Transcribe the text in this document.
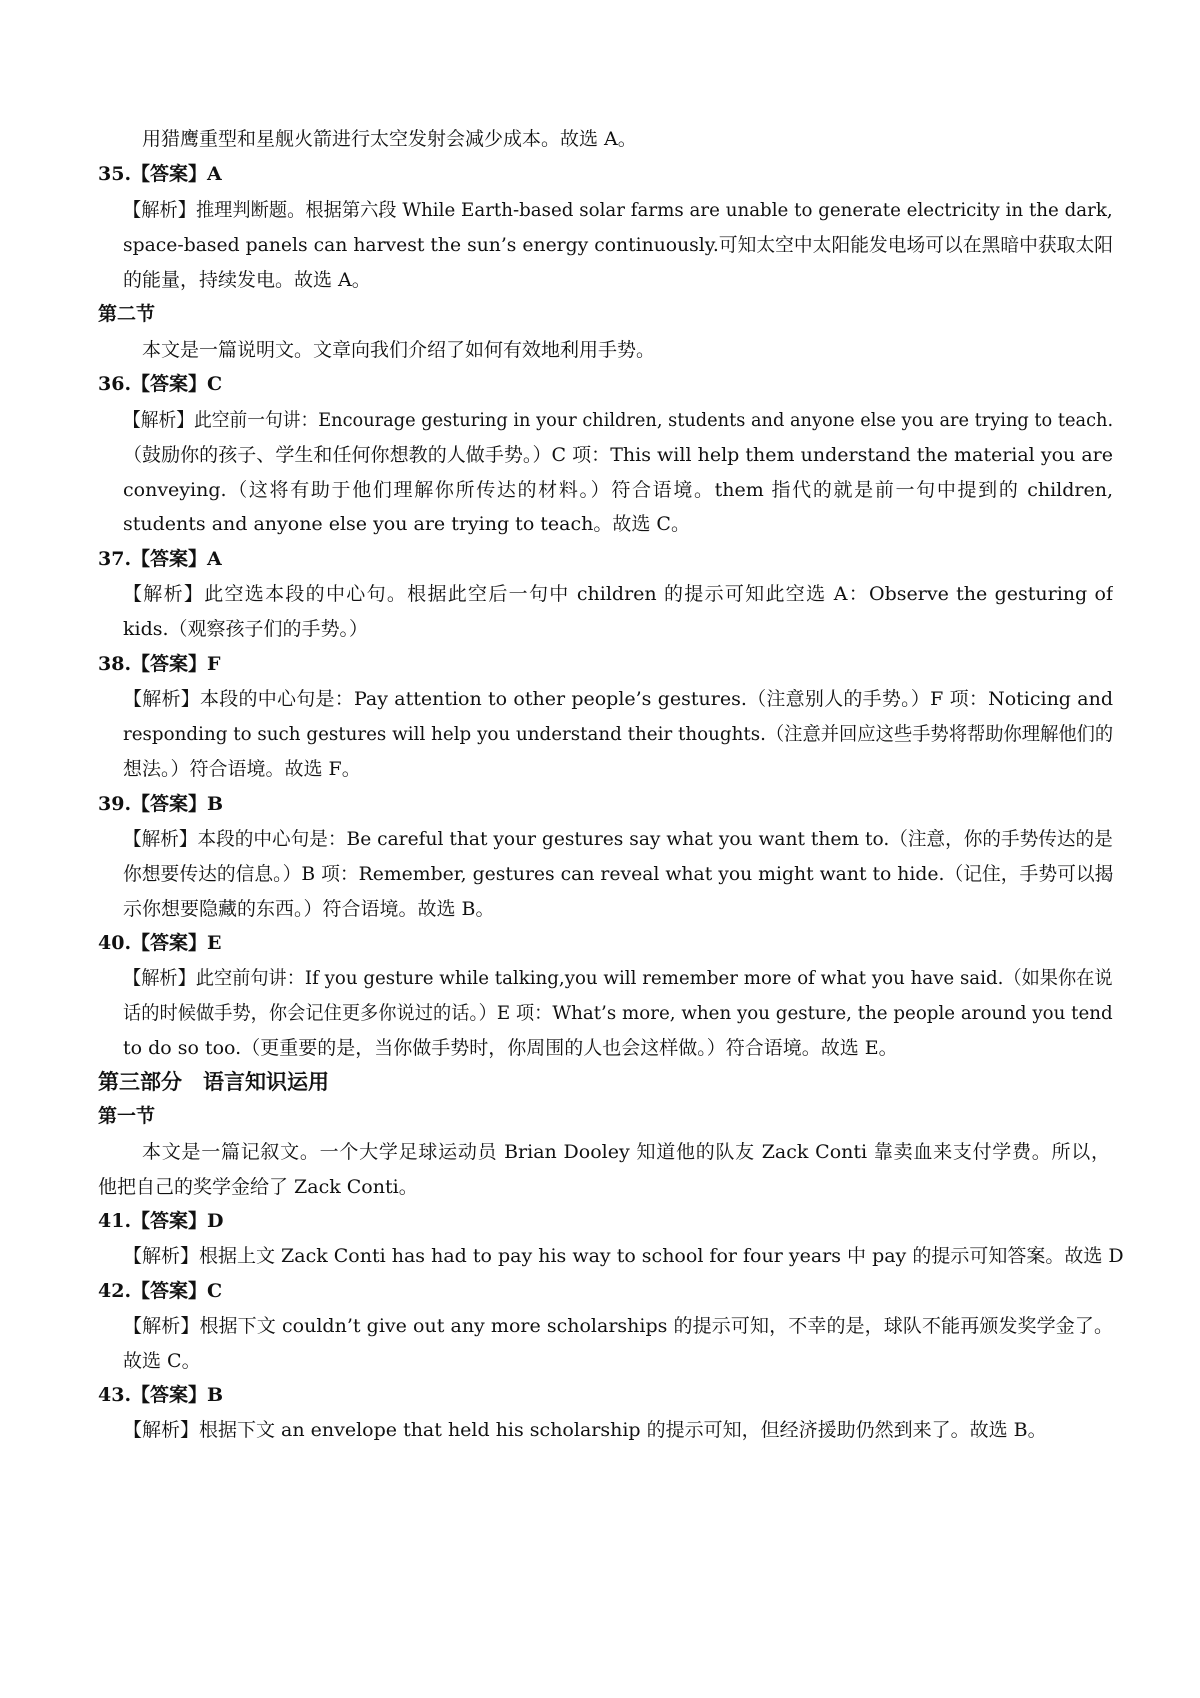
用猎鹰重型和星舰火箭进行太空发射会减少成本。故选 A。
35.【答案】A
【解析】推理判断题。根据第六段 While Earth-based solar farms are unable to generate electricity in the dark,
space-based panels can harvest the sun’s energy continuously.可知太空中太阳能发电场可以在黑暗中获取太阳
的能量，持续发电。故选 A。
第二节
本文是一篇说明文。文章向我们介绍了如何有效地利用手势。
36.【答案】C
【解析】此空前一句讲：Encourage gesturing in your children, students and anyone else you are trying to teach.
（鼓励你的孩子、学生和任何你想教的人做手势。）C 项：This will help them understand the material you are
conveying.（这将有助于他们理解你所传达的材料。）符合语境。them 指代的就是前一句中提到的 children,
students and anyone else you are trying to teach。故选 C。
37.【答案】A
【解析】此空选本段的中心句。根据此空后一句中 children 的提示可知此空选 A：Observe the gesturing of
kids.（观察孩子们的手势。）
38.【答案】F
【解析】本段的中心句是：Pay attention to other people’s gestures.（注意别人的手势。）F 项：Noticing and
responding to such gestures will help you understand their thoughts.（注意并回应这些手势将帮助你理解他们的
想法。）符合语境。故选 F。
39.【答案】B
【解析】本段的中心句是：Be careful that your gestures say what you want them to.（注意，你的手势传达的是
你想要传达的信息。）B 项：Remember, gestures can reveal what you might want to hide.（记住，手势可以揭
示你想要隐藏的东西。）符合语境。故选 B。
40.【答案】E
【解析】此空前句讲：If you gesture while talking,you will remember more of what you have said.（如果你在说
话的时候做手势，你会记住更多你说过的话。）E 项：What’s more, when you gesture, the people around you tend
to do so too.（更重要的是，当你做手势时，你周围的人也会这样做。）符合语境。故选 E。
第三部分　语言知识运用
第一节
本文是一篇记叙文。一个大学足球运动员 Brian Dooley 知道他的队友 Zack Conti 靠卖血来支付学费。所以，
他把自己的奖学金给了 Zack Conti。
41.【答案】D
【解析】根据上文 Zack Conti has had to pay his way to school for four years 中 pay 的提示可知答案。故选 D
42.【答案】C
【解析】根据下文 couldn’t give out any more scholarships 的提示可知，不幸的是，球队不能再颁发奖学金了。
故选 C。
43.【答案】B
【解析】根据下文 an envelope that held his scholarship 的提示可知，但经济援助仍然到来了。故选 B。
